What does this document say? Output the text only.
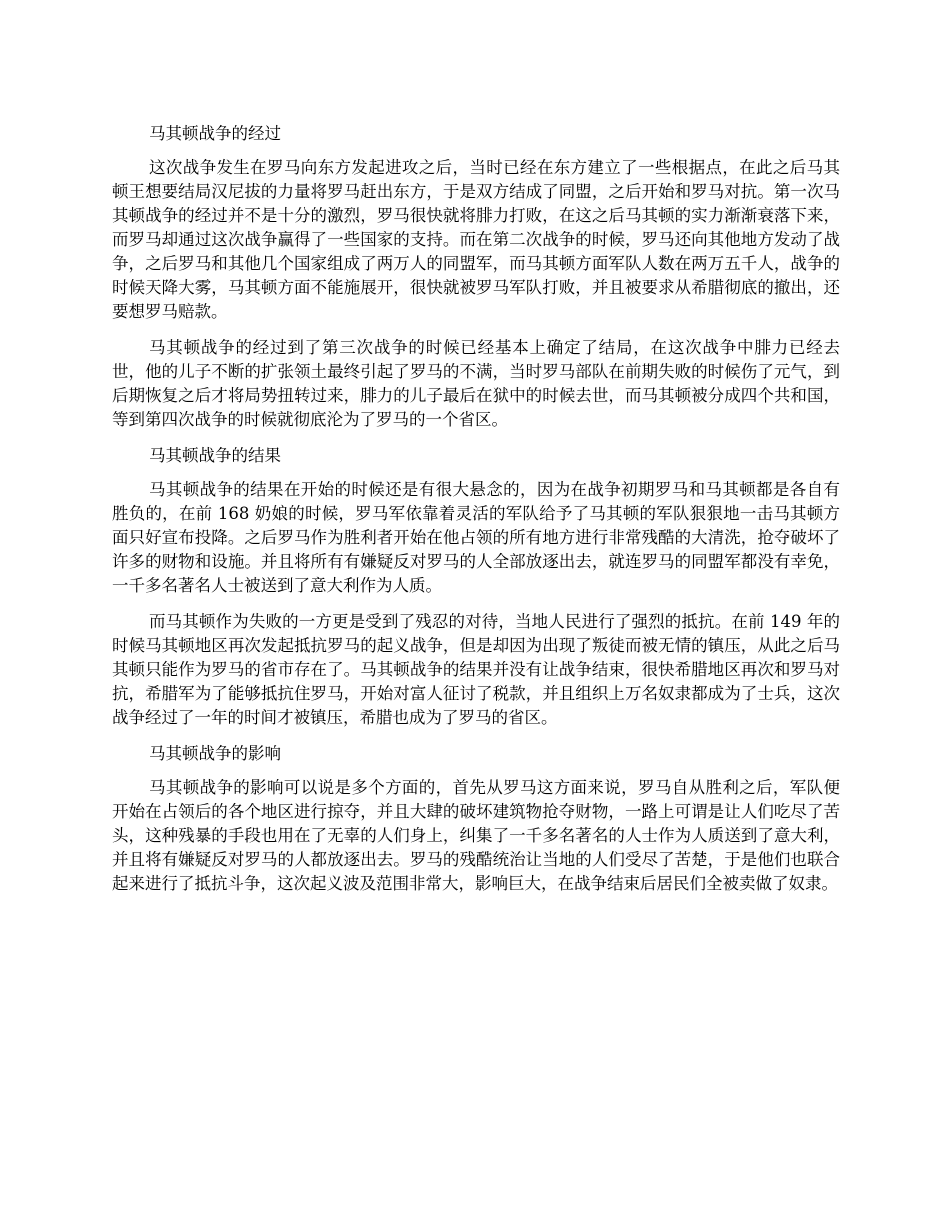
马其顿战争的经过

这次战争发生在罗马向东方发起进攻之后，当时已经在东方建立了一些根据点，在此之后马其顿王想要结局汉尼拔的力量将罗马赶出东方，于是双方结成了同盟，之后开始和罗马对抗。第一次马其顿战争的经过并不是十分的激烈，罗马很快就将腓力打败，在这之后马其顿的实力渐渐衰落下来，而罗马却通过这次战争赢得了一些国家的支持。而在第二次战争的时候，罗马还向其他地方发动了战争，之后罗马和其他几个国家组成了两万人的同盟军，而马其顿方面军队人数在两万五千人，战争的时候天降大雾，马其顿方面不能施展开，很快就被罗马军队打败，并且被要求从希腊彻底的撤出，还要想罗马赔款。

马其顿战争的经过到了第三次战争的时候已经基本上确定了结局，在这次战争中腓力已经去世，他的儿子不断的扩张领土最终引起了罗马的不满，当时罗马部队在前期失败的时候伤了元气，到后期恢复之后才将局势扭转过来，腓力的儿子最后在狱中的时候去世，而马其顿被分成四个共和国，等到第四次战争的时候就彻底沦为了罗马的一个省区。

马其顿战争的结果

马其顿战争的结果在开始的时候还是有很大悬念的，因为在战争初期罗马和马其顿都是各自有胜负的，在前 168 奶娘的时候，罗马军依靠着灵活的军队给予了马其顿的军队狠狠地一击马其顿方面只好宣布投降。之后罗马作为胜利者开始在他占领的所有地方进行非常残酷的大清洗，抢夺破坏了许多的财物和设施。并且将所有有嫌疑反对罗马的人全部放逐出去，就连罗马的同盟军都没有幸免，一千多名著名人士被送到了意大利作为人质。

而马其顿作为失败的一方更是受到了残忍的对待，当地人民进行了强烈的抵抗。在前 149 年的时候马其顿地区再次发起抵抗罗马的起义战争，但是却因为出现了叛徒而被无情的镇压，从此之后马其顿只能作为罗马的省市存在了。马其顿战争的结果并没有让战争结束，很快希腊地区再次和罗马对抗，希腊军为了能够抵抗住罗马，开始对富人征讨了税款，并且组织上万名奴隶都成为了士兵，这次战争经过了一年的时间才被镇压，希腊也成为了罗马的省区。

马其顿战争的影响

马其顿战争的影响可以说是多个方面的，首先从罗马这方面来说，罗马自从胜利之后，军队便开始在占领后的各个地区进行掠夺，并且大肆的破坏建筑物抢夺财物，一路上可谓是让人们吃尽了苦头，这种残暴的手段也用在了无辜的人们身上，纠集了一千多名著名的人士作为人质送到了意大利，并且将有嫌疑反对罗马的人都放逐出去。罗马的残酷统治让当地的人们受尽了苦楚，于是他们也联合起来进行了抵抗斗争，这次起义波及范围非常大，影响巨大，在战争结束后居民们全被卖做了奴隶。
